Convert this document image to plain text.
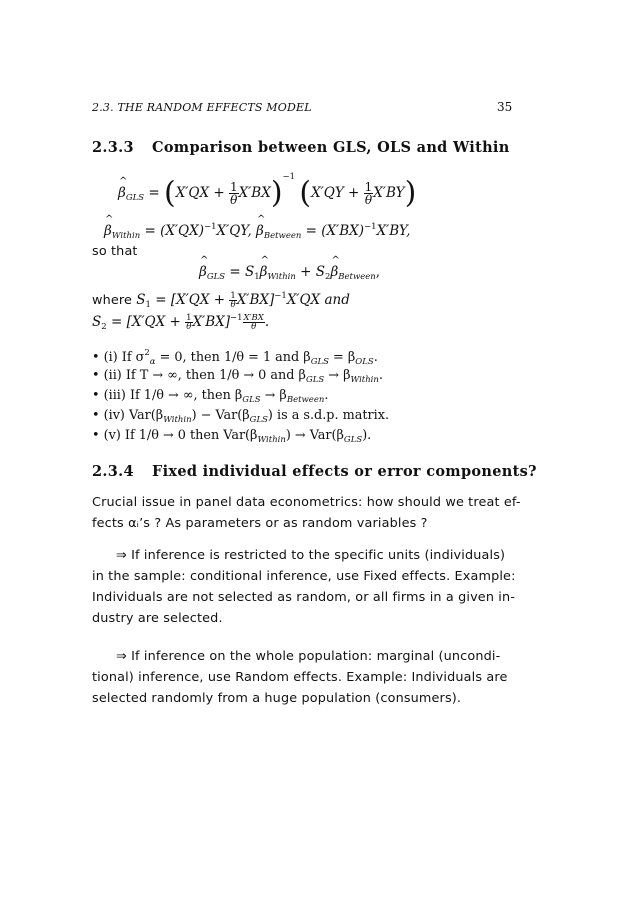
2.3. THE RANDOM EFFECTS MODEL	35
2.3.3 Comparison between GLS, OLS and Within
^ $\beta_{GLS} = (X'QX + \frac{1}{\theta} X'BX)^{-1}$ $(X'QY + \frac{1}{\theta} X'BY)$
^ $\beta_{Within} = (X'QX)^{-1}X'QY$, ^ $\beta_{Between} = (X'BX)^{-1}X'BY$,
so that
^ $\beta_{GLS}$ = $S_1\^{}$ $\beta_{Within}$ + $S_2\^{}$ $\beta_{Between}$,
where $S_1 = [X'QX + \frac{1}{\theta} X'BX]^{-1}X'QX$ and
$S_2 = [X'QX + \frac{1}{\theta} X'BX]^{-1} \frac{X'BX}{\theta}$ .
• (i) If $\sigma^2_\alpha = 0$, then 1/θ = 1 and $\beta_{GLS} = \beta_{OLS}$.
• (ii) If T → ∞, then 1/θ → 0 and $\beta_{GLS} \to \beta_{Within}$.
• (iii) If 1/θ → ∞, then $\beta_{GLS} \to \beta_{Between}$.
• (iv) $Var(\beta_{Within}) - Var(\beta_{GLS})$ is a s.d.p. matrix.
• (v) If 1/θ → 0 then $Var(\beta_{Within}) \to Var(\beta_{GLS})$.
2.3.4 Fixed individual effects or error components?
Crucial issue in panel data econometrics: how should we treat ef-
fects αᵢ’s ? As parameters or as random variables ?
⇒ If inference is restricted to the specific units (individuals)
in the sample: conditional inference, use Fixed effects. Example:
Individuals are not selected as random, or all firms in a given in-
dustry are selected.
⇒ If inference on the whole population: marginal (uncondi-
tional) inference, use Random effects. Example: Individuals are
selected randomly from a huge population (consumers).
